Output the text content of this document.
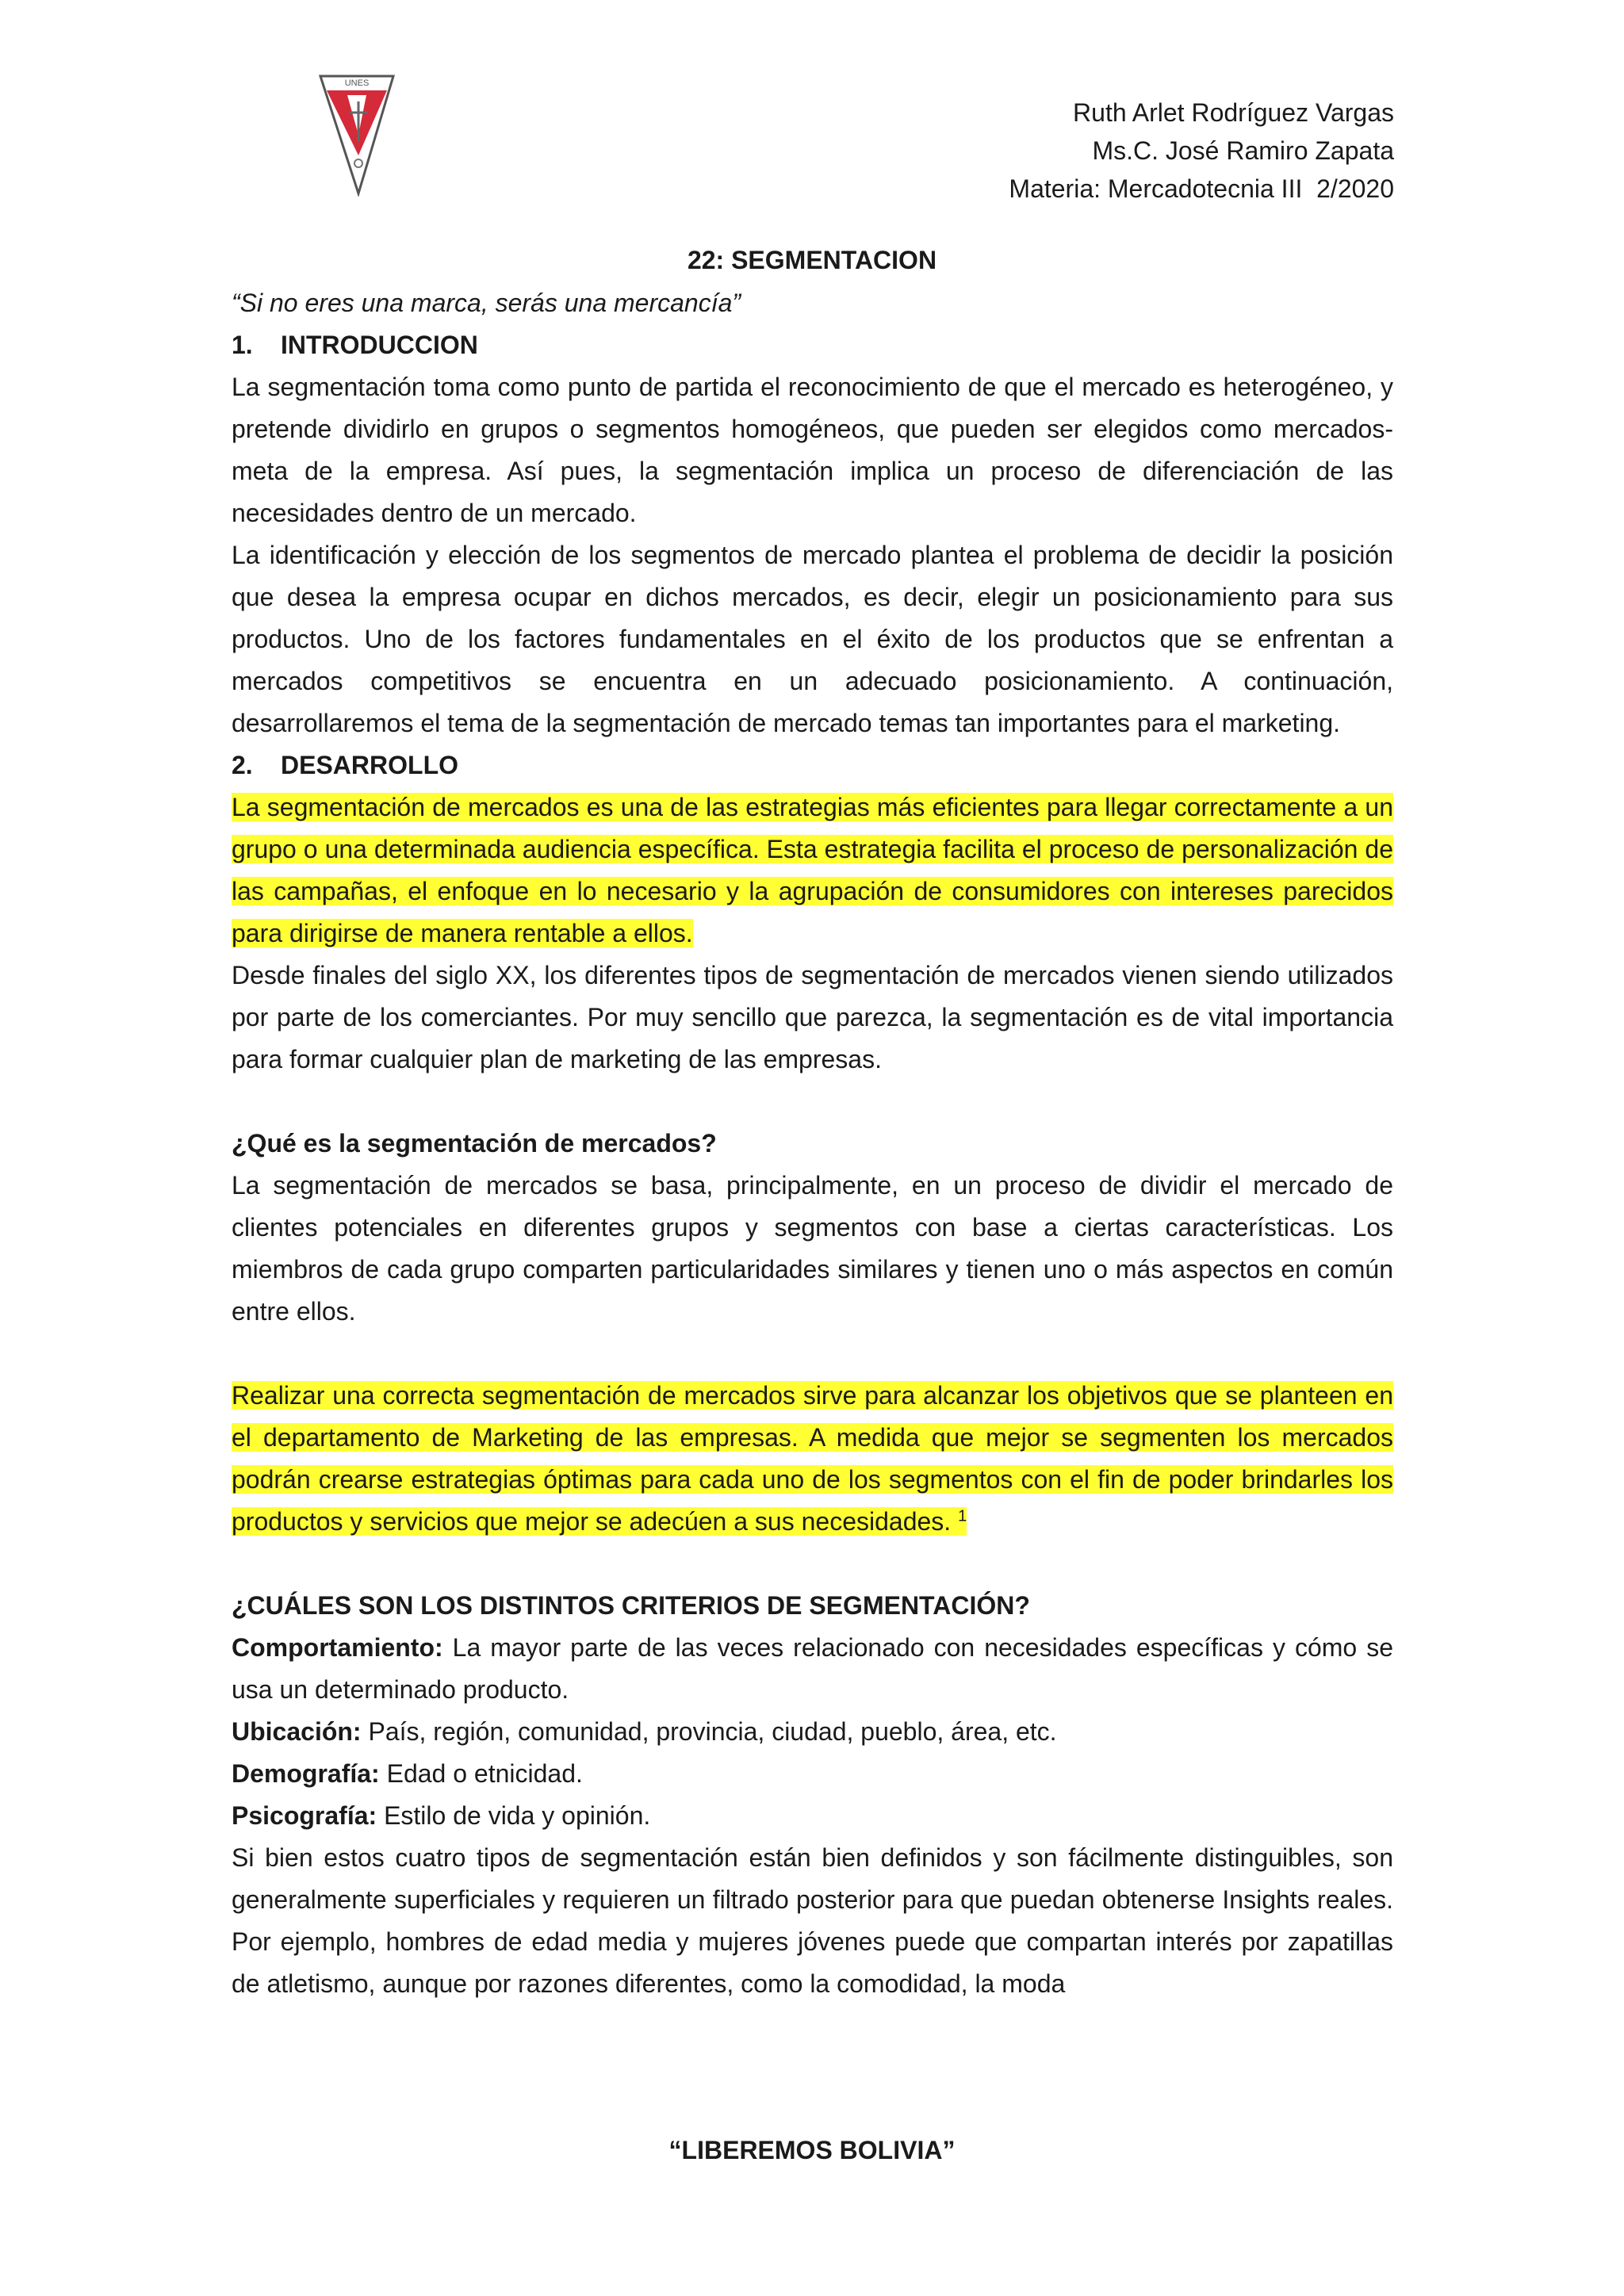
UNES
Ruth Arlet Rodríguez Vargas
Ms.C. José Ramiro Zapata
Materia: Mercadotecnia III  2/2020
22: SEGMENTACION

“Si no eres una marca, serás una mercancía”

1. INTRODUCCION

La segmentación toma como punto de partida el reconocimiento de que el mercado es heterogéneo, y pretende dividirlo en grupos o segmentos homogéneos, que pueden ser elegidos como mercados-meta de la empresa. Así pues, la segmentación implica un proceso de diferenciación de las necesidades dentro de un mercado.

La identificación y elección de los segmentos de mercado plantea el problema de decidir la posición que desea la empresa ocupar en dichos mercados, es decir, elegir un posicionamiento para sus productos. Uno de los factores fundamentales en el éxito de los productos que se enfrentan a mercados competitivos se encuentra en un adecuado posicionamiento. A continuación, desarrollaremos el tema de la segmentación de mercado temas tan importantes para el marketing.

2. DESARROLLO

La segmentación de mercados es una de las estrategias más eficientes para llegar correctamente a un grupo o una determinada audiencia específica. Esta estrategia facilita el proceso de personalización de las campañas, el enfoque en lo necesario y la agrupación de consumidores con intereses parecidos para dirigirse de manera rentable a ellos.

Desde finales del siglo XX, los diferentes tipos de segmentación de mercados vienen siendo utilizados por parte de los comerciantes. Por muy sencillo que parezca, la segmentación es de vital importancia para formar cualquier plan de marketing de las empresas.

¿Qué es la segmentación de mercados?

La segmentación de mercados se basa, principalmente, en un proceso de dividir el mercado de clientes potenciales en diferentes grupos y segmentos con base a ciertas características. Los miembros de cada grupo comparten particularidades similares y tienen uno o más aspectos en común entre ellos.

Realizar una correcta segmentación de mercados sirve para alcanzar los objetivos que se planteen en el departamento de Marketing de las empresas. A medida que mejor se segmenten los mercados podrán crearse estrategias óptimas para cada uno de los segmentos con el fin de poder brindarles los productos y servicios que mejor se adecúen a sus necesidades. $^1$

¿CUÁLES SON LOS DISTINTOS CRITERIOS DE SEGMENTACIÓN?

Comportamiento: La mayor parte de las veces relacionado con necesidades específicas y cómo se usa un determinado producto.

Ubicación: País, región, comunidad, provincia, ciudad, pueblo, área, etc.

Demografía: Edad o etnicidad.

Psicografía: Estilo de vida y opinión.

Si bien estos cuatro tipos de segmentación están bien definidos y son fácilmente distinguibles, son generalmente superficiales y requieren un filtrado posterior para que puedan obtenerse Insights reales. Por ejemplo, hombres de edad media y mujeres jóvenes puede que compartan interés por zapatillas de atletismo, aunque por razones diferentes, como la comodidad, la moda

“LIBEREMOS BOLIVIA”
